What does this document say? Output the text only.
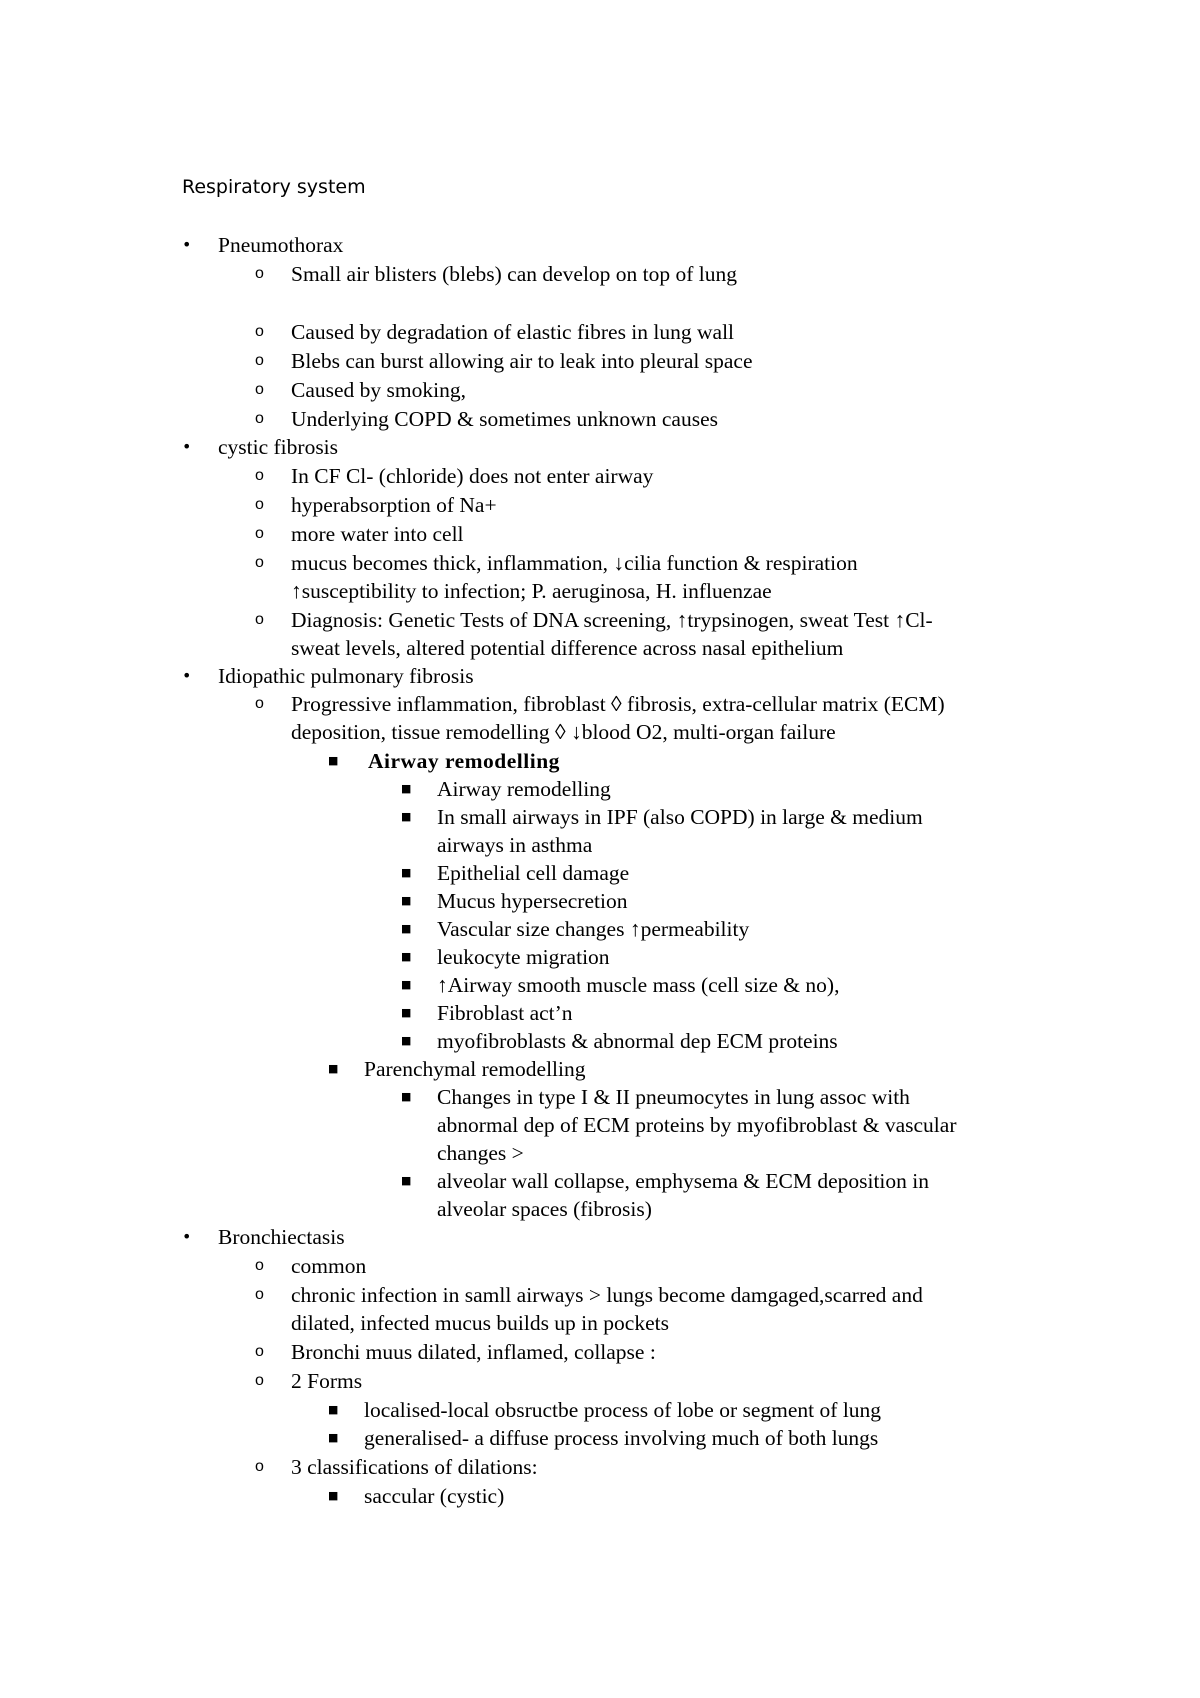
Respiratory system
• Pneumothorax
o Small air blisters (blebs) can develop on top of lung
o Caused by degradation of elastic fibres in lung wall
o Blebs can burst allowing air to leak into pleural space
o Caused by smoking,
o Underlying COPD & sometimes unknown causes
• cystic fibrosis
o In CF Cl- (chloride) does not enter airway
o hyperabsorption of Na+
o more water into cell
o mucus becomes thick, inflammation, ↓cilia function & respiration
↑susceptibility to infection; P. aeruginosa, H. influenzae
o Diagnosis: Genetic Tests of DNA screening, ↑trypsinogen, sweat Test ↑Cl-
sweat levels, altered potential difference across nasal epithelium
• Idiopathic pulmonary fibrosis
o Progressive inflammation, fibroblast ◊ fibrosis, extra-cellular matrix (ECM)
deposition, tissue remodelling ◊ ↓blood O2, multi-organ failure
■ Airway remodelling
■ Airway remodelling
■ In small airways in IPF (also COPD) in large & medium
airways in asthma
■ Epithelial cell damage
■ Mucus hypersecretion
■ Vascular size changes ↑permeability
■ leukocyte migration
■ ↑Airway smooth muscle mass (cell size & no),
■ Fibroblast act’n
■ myofibroblasts & abnormal dep ECM proteins
■ Parenchymal remodelling
■ Changes in type I & II pneumocytes in lung assoc with
abnormal dep of ECM proteins by myofibroblast & vascular
changes >
■ alveolar wall collapse, emphysema & ECM deposition in
alveolar spaces (fibrosis)
• Bronchiectasis
o common
o chronic infection in samll airways > lungs become damgaged,scarred and
dilated, infected mucus builds up in pockets
o Bronchi muus dilated, inflamed, collapse :
o 2 Forms
■ localised-local obsructbe process of lobe or segment of lung
■ generalised- a diffuse process involving much of both lungs
o 3 classifications of dilations:
■ saccular (cystic)
